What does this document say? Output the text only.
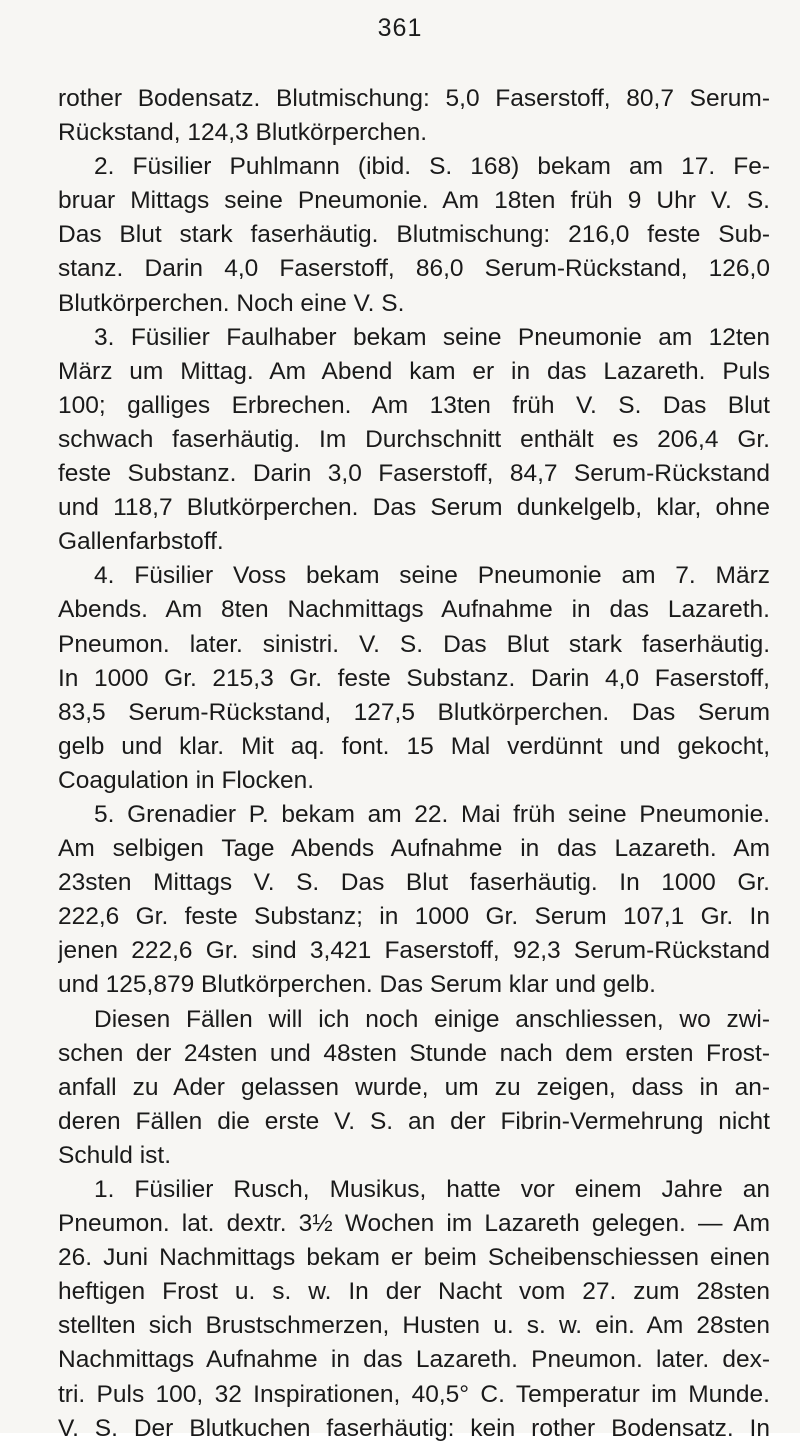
361
rother Bodensatz. Blutmischung: 5,0 Faserstoff, 80,7 Serum-
Rückstand, 124,3 Blutkörperchen.
2. Füsilier Puhlmann (ibid. S. 168) bekam am 17. Fe-
bruar Mittags seine Pneumonie. Am 18ten früh 9 Uhr V. S.
Das Blut stark faserhäutig. Blutmischung: 216,0 feste Sub-
stanz. Darin 4,0 Faserstoff, 86,0 Serum-Rückstand, 126,0
Blutkörperchen. Noch eine V. S.
3. Füsilier Faulhaber bekam seine Pneumonie am 12ten
März um Mittag. Am Abend kam er in das Lazareth. Puls
100; galliges Erbrechen. Am 13ten früh V. S. Das Blut
schwach faserhäutig. Im Durchschnitt enthält es 206,4 Gr.
feste Substanz. Darin 3,0 Faserstoff, 84,7 Serum-Rückstand
und 118,7 Blutkörperchen. Das Serum dunkelgelb, klar, ohne
Gallenfarbstoff.
4. Füsilier Voss bekam seine Pneumonie am 7. März
Abends. Am 8ten Nachmittags Aufnahme in das Lazareth.
Pneumon. later. sinistri. V. S. Das Blut stark faserhäutig.
In 1000 Gr. 215,3 Gr. feste Substanz. Darin 4,0 Faserstoff,
83,5 Serum-Rückstand, 127,5 Blutkörperchen. Das Serum
gelb und klar. Mit aq. font. 15 Mal verdünnt und gekocht,
Coagulation in Flocken.
5. Grenadier P. bekam am 22. Mai früh seine Pneumonie.
Am selbigen Tage Abends Aufnahme in das Lazareth. Am
23sten Mittags V. S. Das Blut faserhäutig. In 1000 Gr.
222,6 Gr. feste Substanz; in 1000 Gr. Serum 107,1 Gr. In
jenen 222,6 Gr. sind 3,421 Faserstoff, 92,3 Serum-Rückstand
und 125,879 Blutkörperchen. Das Serum klar und gelb.
Diesen Fällen will ich noch einige anschliessen, wo zwi-
schen der 24sten und 48sten Stunde nach dem ersten Frost-
anfall zu Ader gelassen wurde, um zu zeigen, dass in an-
deren Fällen die erste V. S. an der Fibrin-Vermehrung nicht
Schuld ist.
1. Füsilier Rusch, Musikus, hatte vor einem Jahre an
Pneumon. lat. dextr. 3½ Wochen im Lazareth gelegen. — Am
26. Juni Nachmittags bekam er beim Scheibenschiessen einen
heftigen Frost u. s. w. In der Nacht vom 27. zum 28sten
stellten sich Brustschmerzen, Husten u. s. w. ein. Am 28sten
Nachmittags Aufnahme in das Lazareth. Pneumon. later. dex-
tri. Puls 100, 32 Inspirationen, 40,5° C. Temperatur im Munde.
V. S. Der Blutkuchen faserhäutig: kein rother Bodensatz. In
